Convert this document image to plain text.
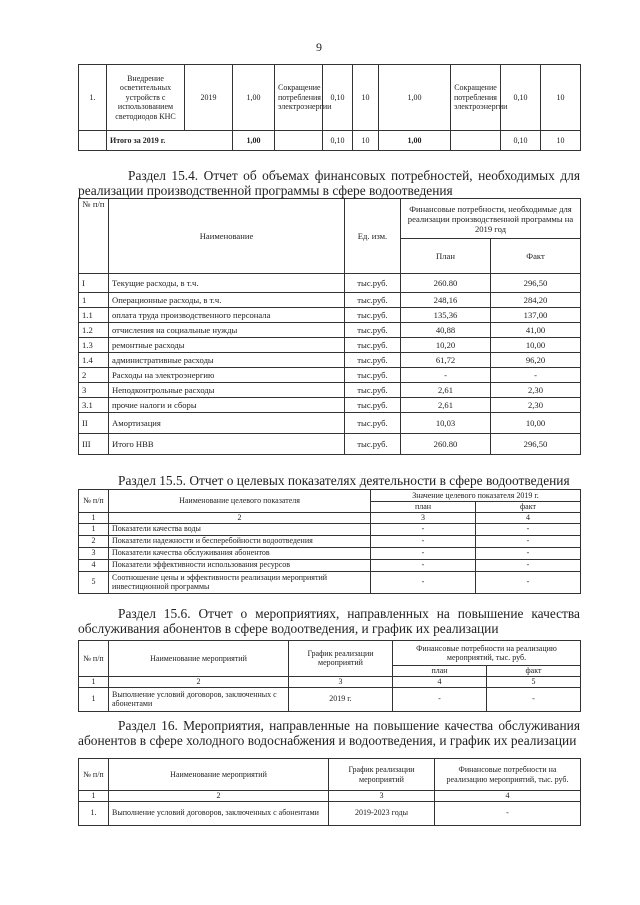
9
1.	Внедрение осветительных устройств с использованием светодиодов КНС	2019	1,00	Сокращение потребления электроэнергии	0,10	10	1,00	Сокращение потребления электроэнергии	0,10	10
	Итого за 2019 г.		1,00		0,10	10	1,00		0,10	10
Раздел 15.4. Отчет об объемах финансовых потребностей, необходимых для реализации производственной программы в сфере водоотведения
№ п/п	Наименование	Ед. изм.	Финансовые потребности, необходимые для реализации производственной программы на 2019 год	
			План	Факт
I	Текущие расходы, в т.ч.	тыс.руб.	260.80	296,50
1	Операционные расходы, в т.ч.	тыс.руб.	248,16	284,20
1.1	оплата труда производственного персонала	тыс.руб.	135,36	137,00
1.2	отчисления на социальные нужды	тыс.руб.	40,88	41,00
1.3	ремонтные расходы	тыс.руб.	10,20	10,00
1.4	административные расходы	тыс.руб.	61,72	96,20
2	Расходы на электроэнергию	тыс.руб.	-	-
3	Неподконтрольные расходы	тыс.руб.	2,61	2,30
3.1	прочие налоги и сборы	тыс.руб.	2,61	2,30
II	Амортизация	тыс.руб.	10,03	10,00
III	Итого НВВ	тыс.руб.	260.80	296,50
Раздел 15.5. Отчет о целевых показателях деятельности в сфере водоотведения
№ п/п	Наименование целевого показателя	Значение целевого показателя 2019 г.	
		план	факт
1	2	3	4
1	Показатели качества воды	-	-
2	Показатели надежности и бесперебойности водоотведения	-	-
3	Показатели качества обслуживания абонентов	-	-
4	Показатели эффективности использования ресурсов	-	-
5	Соотношение цены и эффективности реализации мероприятий инвестиционной программы	-	-
Раздел 15.6. Отчет о мероприятиях, направленных на повышение качества обслуживания абонентов в сфере водоотведения, и график их реализации
№ п/п	Наименование мероприятий	График реализации мероприятий	Финансовые потребности на реализацию мероприятий, тыс. руб.	
			план	факт
1	2	3	4	5
1	Выполнение условий договоров, заключенных с абонентами	2019 г.	-	-
Раздел 16. Мероприятия, направленные на повышение качества обслуживания абонентов в сфере холодного водоснабжения и водоотведения, и график их реализации
№ п/п	Наименование мероприятий	График реализации мероприятий	Финансовые потребности на реализацию мероприятий, тыс. руб.
1	2	3	4
1.	Выполнение условий договоров, заключенных с абонентами	2019-2023 годы	-
